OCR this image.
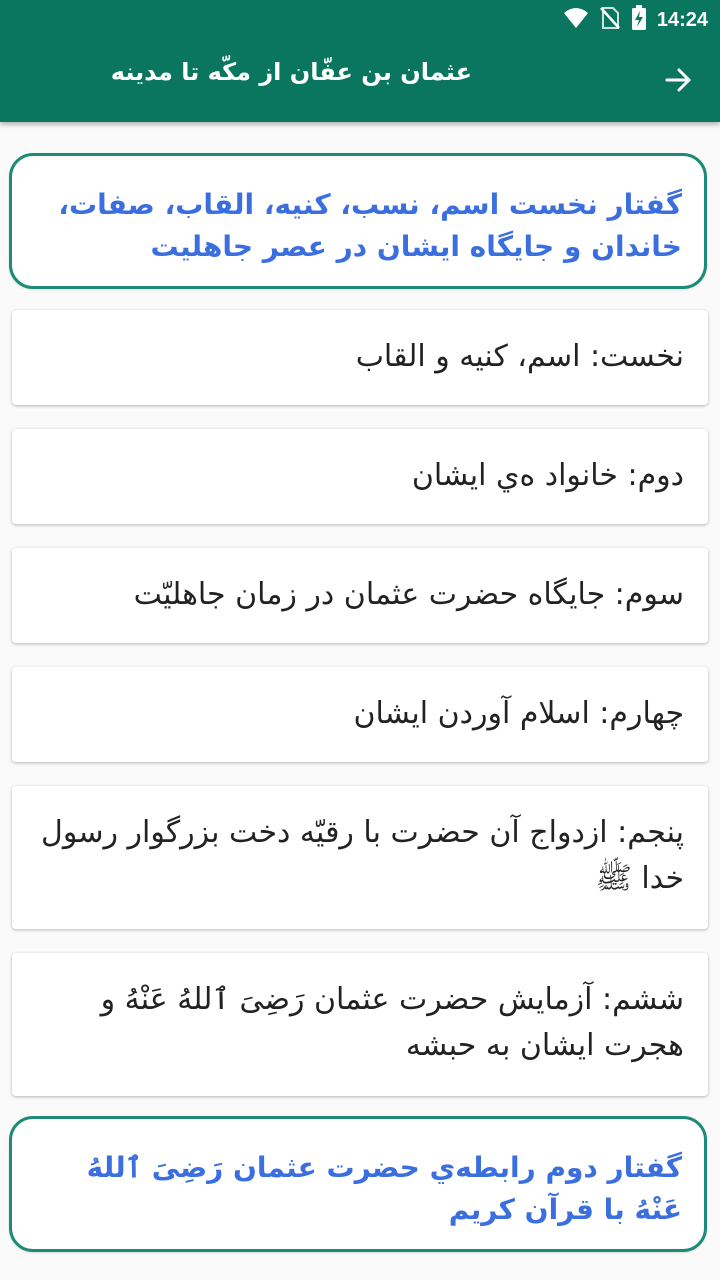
14:24
عثمان بن عفّان از مکّه تا مدینه
گفتار نخست اسم، نسب، کنیه، القاب، صفات، خاندان و جایگاه ایشان در عصر جاهلیت
نخست: اسم، کنیه و القاب
دوم: خانواد ەي ایشان
سوم: جایگاه حضرت عثمان در زمان جاهلیّت
چهارم: اسلام آوردن ایشان
پنجم: ازدواج آن حضرت با رقیّه دخت بزرگوار رسول خدا ﷺ
ششم: آزمایش حضرت عثمان رَضِىَ ٱللهُ عَنْهُ و هجرت ایشان به حبشه
گفتار دوم رابطه‌ي حضرت عثمان رَضِىَ ٱللهُ عَنْهُ با قرآن کریم
